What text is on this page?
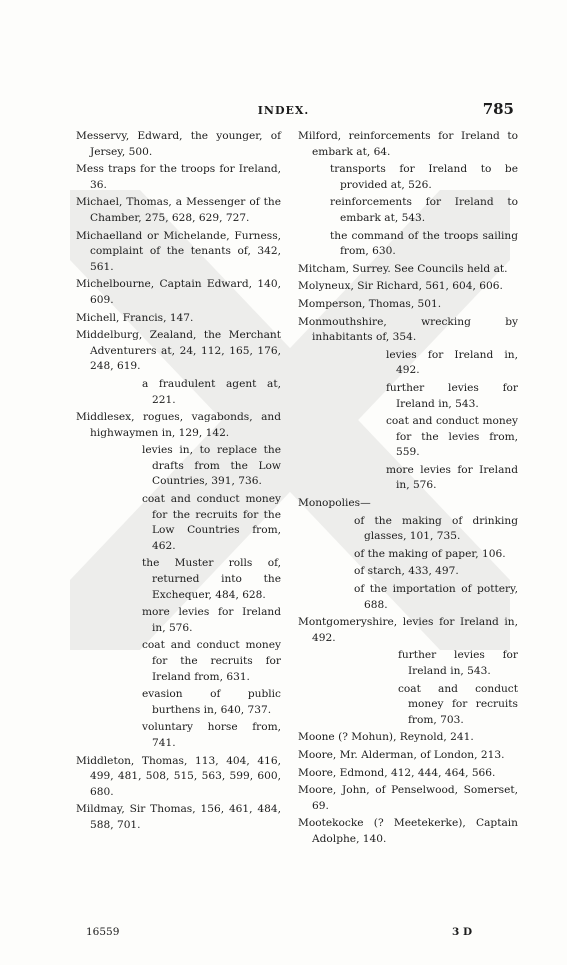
INDEX.	785

Messervy, Edward, the younger, of Jersey, 500.

Mess traps for the troops for Ireland, 36.

Michael, Thomas, a Messenger of the Chamber, 275, 628, 629, 727.

Michaelland or Michelande, Furness, complaint of the tenants of, 342, 561.

Michelbourne, Captain Edward, 140, 609.

Michell, Francis, 147.

Middelburg, Zealand, the Merchant Adventurers at, 24, 112, 165, 176, 248, 619.

a fraudulent agent at, 221.

Middlesex, rogues, vagabonds, and highwaymen in, 129, 142.

levies in, to replace the drafts from the Low Countries, 391, 736.

coat and conduct money for the recruits for the Low Countries from, 462.

the Muster rolls of, returned into the Exchequer, 484, 628.

more levies for Ireland in, 576.

coat and conduct money for the recruits for Ireland from, 631.

evasion of public burthens in, 640, 737.

voluntary horse from, 741.

Middleton, Thomas, 113, 404, 416, 499, 481, 508, 515, 563, 599, 600, 680.

Mildmay, Sir Thomas, 156, 461, 484, 588, 701.

Milford, reinforcements for Ireland to embark at, 64.

transports for Ireland to be provided at, 526.

reinforcements for Ireland to embark at, 543.

the command of the troops sailing from, 630.

Mitcham, Surrey. See Councils held at.

Molyneux, Sir Richard, 561, 604, 606.

Momperson, Thomas, 501.

Monmouthshire, wrecking by inhabitants of, 354.

levies for Ireland in, 492.

further levies for Ireland in, 543.

coat and conduct money for the levies from, 559.

more levies for Ireland in, 576.

Monopolies—

of the making of drinking glasses, 101, 735.

of the making of paper, 106.

of starch, 433, 497.

of the importation of pottery, 688.

Montgomeryshire, levies for Ireland in, 492.

further levies for Ireland in, 543.

coat and conduct money for recruits from, 703.

Moone (? Mohun), Reynold, 241.

Moore, Mr. Alderman, of London, 213.

Moore, Edmond, 412, 444, 464, 566.

Moore, John, of Penselwood, Somerset, 69.

Mootekocke (? Meetekerke), Captain Adolphe, 140.

16559	3 D
